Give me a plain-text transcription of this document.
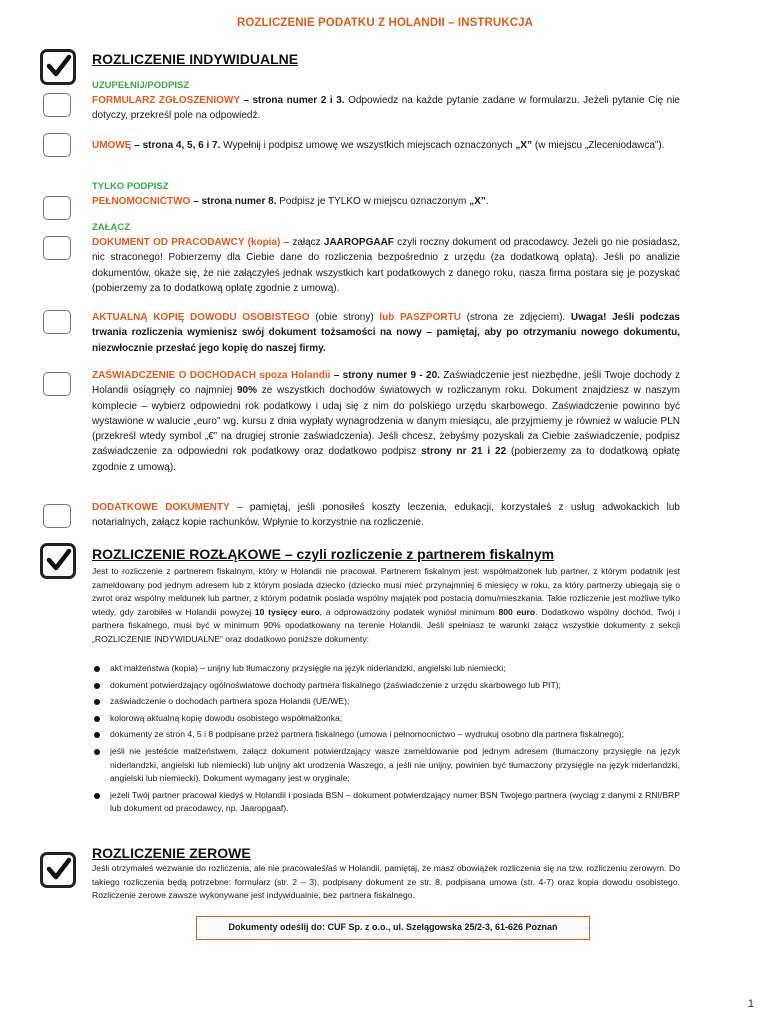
ROZLICZENIE PODATKU Z HOLANDII – INSTRUKCJA
ROZLICZENIE INDYWIDUALNE
UZUPEŁNIJ/PODPISZ
FORMULARZ ZGŁOSZENIOWY – strona numer 2 i 3. Odpowiedz na każde pytanie zadane w formularzu. Jeżeli pytanie Cię nie dotyczy, przekreśl pole na odpowiedź.
UMOWĘ – strona 4, 5, 6 i 7. Wypełnij i podpisz umowę we wszystkich miejscach oznaczonych „X” (w miejscu „Zleceniodawca”).
TYLKO PODPISZ
PEŁNOMOCNICTWO – strona numer 8. Podpisz je TYLKO w miejscu oznaczonym „X”.
ZAŁĄCZ
DOKUMENT OD PRACODAWCY (kopia) – załącz JAAROPGAAF czyli roczny dokument od pracodawcy. Jeżeli go nie posiadasz, nic straconego! Pobierzemy dla Ciebie dane do rozliczenia bezpośrednio z urzędu (za dodatkową opłatą). Jeśli po analizie dokumentów, okaże się, że nie załączyłeś jednak wszystkich kart podatkowych z danego roku, nasza firma postara się je pozyskać (pobierzemy za to dodatkową opłatę zgodnie z umową).
AKTUALNĄ KOPIĘ DOWODU OSOBISTEGO (obie strony) lub PASZPORTU (strona ze zdjęciem). Uwaga! Jeśli podczas trwania rozliczenia wymienisz swój dokument tożsamości na nowy – pamiętaj, aby po otrzymaniu nowego dokumentu, niezwłocznie przesłać jego kopię do naszej firmy.
ZAŚWIADCZENIE O DOCHODACH spoza Holandii – strony numer 9 - 20. Zaświadczenie jest niezbędne, jeśli Twoje dochody z Holandii osiągnęły co najmniej 90% ze wszystkich dochodów światowych w rozliczanym roku. Dokument znajdziesz w naszym komplecie – wybierz odpowiedni rok podatkowy i udaj się z nim do polskiego urzędu skarbowego. Zaświadczenie powinno być wystawione w walucie „euro” wg. kursu z dnia wypłaty wynagrodzenia w danym miesiącu, ale przyjmiemy je również w walucie PLN (przekreśl wtedy symbol „€” na drugiej stronie zaświadczenia). Jeśli chcesz, żebyśmy pozyskali za Ciebie zaświadczenie, podpisz zaświadczenie za odpowiedni rok podatkowy oraz dodatkowo podpisz strony nr 21 i 22 (pobierzemy za to dodatkową opłatę zgodnie z umową).
DODATKOWE DOKUMENTY – pamiętaj, jeśli ponosiłeś koszty leczenia, edukacji, korzystałeś z usług adwokackich lub notarialnych, załącz kopie rachunków. Wpłynie to korzystnie na rozliczenie.
ROZLICZENIE ROZŁĄKOWE – czyli rozliczenie z partnerem fiskalnym
Jest to rozliczenie z partnerem fiskalnym, który w Holandii nie pracował. Partnerem fiskalnym jest: współmałżonek lub partner, z którym podatnik jest zameldowany pod jednym adresem lub z którym posiada dziecko (dziecko musi mieć przynajmniej 6 miesięcy w roku, za który partnerzy ubiegają się o zwrot oraz wspólny meldunek lub partner, z którym podatnik posiada wspólny majątek pod postacią domu/mieszkania. Takie rozliczenie jest możliwe tylko wtedy, gdy zarobiłeś w Holandii powyżej 10 tysięcy euro, a odprowadzony podatek wyniósł minimum 800 euro. Dodatkowo wspólny dochód, Twój i partnera fiskalnego, musi być w minimum 90% opodatkowany na terenie Holandii. Jeśli spełniasz te warunki załącz wszystkie dokumenty z sekcji „ROZLICZENIE INDYWIDUALNE” oraz dodatkowo poniższe dokumenty:
akt małżeństwa (kopia) – unijny lub tłumaczony przysięgle na język niderlandzki, angielski lub niemiecki;
dokument potwierdzający ogólnoświatowe dochody partnera fiskalnego (zaświadczenie z urzędu skarbowego lub PIT);
zaświadczenie o dochodach partnera spoza Holandii (UE/WE);
kolorową aktualną kopię dowodu osobistego współmałżonka;
dokumenty ze stron 4, 5 i 8 podpisane przez partnera fiskalnego (umowa i pełnomocnictwo – wydrukuj osobno dla partnera fiskalnego);
jeśli nie jesteście małżeństwem, załącz dokument potwierdzający wasze zameldowanie pod jednym adresem (tłumaczony przysięgle na język niderlandzki, angielski lub niemiecki) lub unijny akt urodzenia Waszego, a jeśli nie unijny, powinien być tłumaczony przysięgle na język niderlandzki, angielski lub niemiecki). Dokument wymagany jest w oryginale;
jeżeli Twój partner pracował kiedyś w Holandii i posiada BSN – dokument potwierdzający numer BSN Twojego partnera (wyciąg z danymi z RNI/BRP lub dokument od pracodawcy, np. Jaaropgaaf).
ROZLICZENIE ZEROWE
Jeśli otrzymałeś wezwanie do rozliczenia, ale nie pracowałeś/aś w Holandii, pamiętaj, że masz obowiązek rozliczenia się na tzw. rozliczeniu zerowym. Do takiego rozliczenia będą potrzebne: formularz (str. 2 – 3), podpisany dokument ze str. 8, podpisana umowa (str. 4-7) oraz kopia dowodu osobistego. Rozliczenie zerowe zawsze wykonywane jest indywidualnie, bez partnera fiskalnego.
Dokumenty odeślij do: CUF Sp. z o.o., ul. Szelągowska 25/2-3, 61-626 Poznań
1
